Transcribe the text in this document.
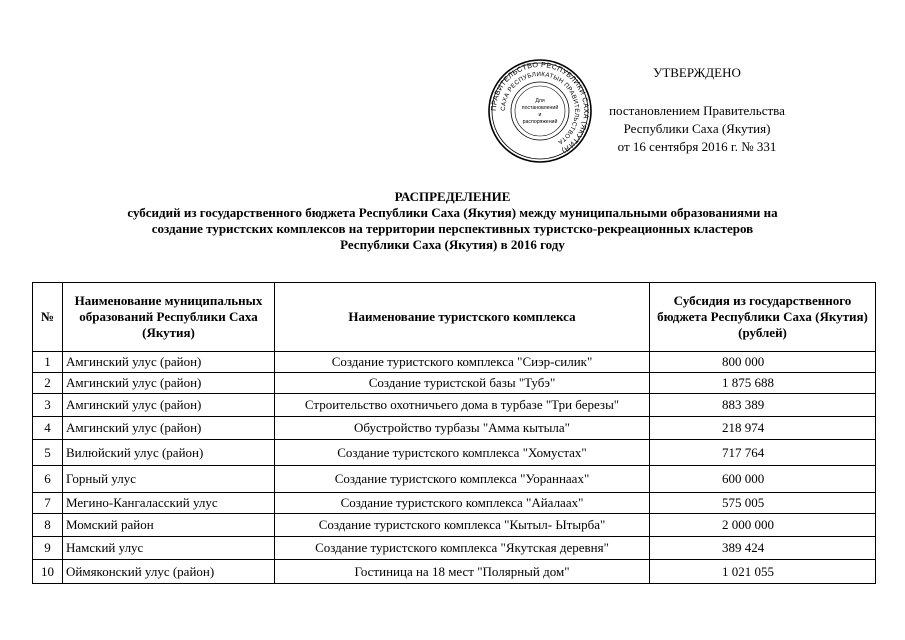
ПРАВИТЕЛЬСТВО РЕСПУБЛИКИ САХА (ЯКУТИЯ)
САХА РЕСПУБЛИКАТЫН ПРАВИТЕЛЬСТВОТА
Для
постановлений
и
распоряжений
УТВЕРЖДЕНО
постановлением Правительства
Республики Саха (Якутия)
от 16 сентября 2016 г. № 331
РАСПРЕДЕЛЕНИЕ
субсидий из государственного бюджета Республики Саха (Якутия) между муниципальными образованиями на
создание туристских комплексов на территории перспективных туристско-рекреационных кластеров
Республики Саха (Якутия) в 2016 году
№	Наименование муниципальных образований Республики Саха (Якутия)	Наименование туристского комплекса	Субсидия из государственного бюджета Республики Саха (Якутия) (рублей)
1	Амгинский улус (район)	Создание туристского комплекса "Сиэр-силик"	800 000
2	Амгинский улус (район)	Создание туристской базы "Тубэ"	1 875 688
3	Амгинский улус (район)	Строительство охотничьего дома в турбазе "Три березы"	883 389
4	Амгинский улус (район)	Обустройство турбазы "Амма кытыла"	218 974
5	Вилюйский улус (район)	Создание туристского комплекса "Хомустах"	717 764
6	Горный улус	Создание туристского комплекса "Уораннаах"	600 000
7	Мегино-Кангаласский улус	Создание туристского комплекса "Айалаах"	575 005
8	Момский район	Создание туристского комплекса "Кытыл- Ытырба"	2 000 000
9	Намский улус	Создание туристского комплекса "Якутская деревня"	389 424
10	Оймяконский улус (район)	Гостиница на 18 мест "Полярный дом"	1 021 055
